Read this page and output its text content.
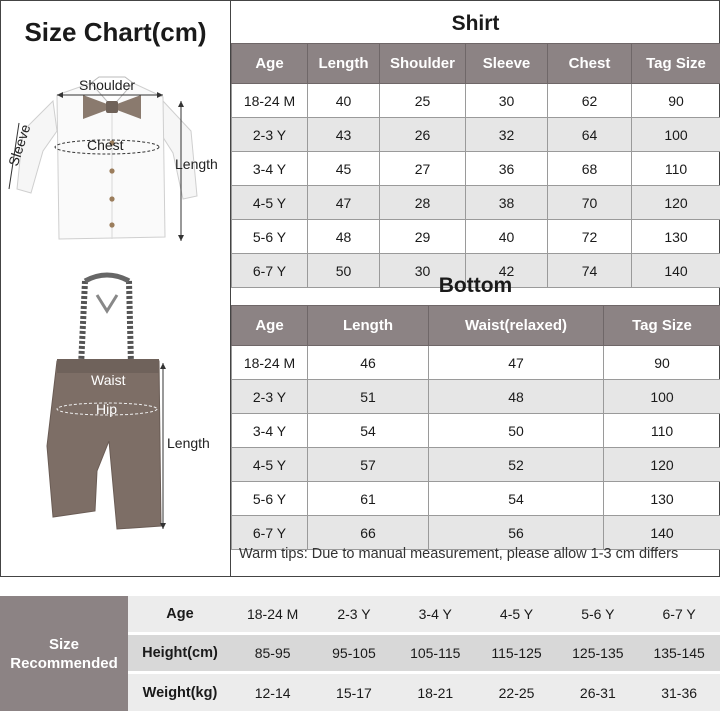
Size Chart(cm)
Shoulder
Sleeve	Chest
Length
Waist
Hip
Length
Shirt
Age	Length	Shoulder	Sleeve	Chest	Tag Size
18-24 M	40	25	30	62	90
2-3 Y	43	26	32	64	100
3-4 Y	45	27	36	68	110
4-5 Y	47	28	38	70	120
5-6 Y	48	29	40	72	130
6-7 Y	50	30	42	74	140
Bottom
Age	Length	Waist(relaxed)	Tag Size
18-24 M	46	47	90
2-3 Y	51	48	100
3-4 Y	54	50	110
4-5 Y	57	52	120
5-6 Y	61	54	130
6-7 Y	66	56	140
Warm tips: Due to manual measurement, please allow 1-3 cm differs
Size
Recommended
Age	18-24 M	2-3 Y	3-4 Y	4-5 Y	5-6 Y	6-7 Y
Height(cm)	85-95	95-105	105-115	115-125	125-135	135-145
Weight(kg)	12-14	15-17	18-21	22-25	26-31	31-36
